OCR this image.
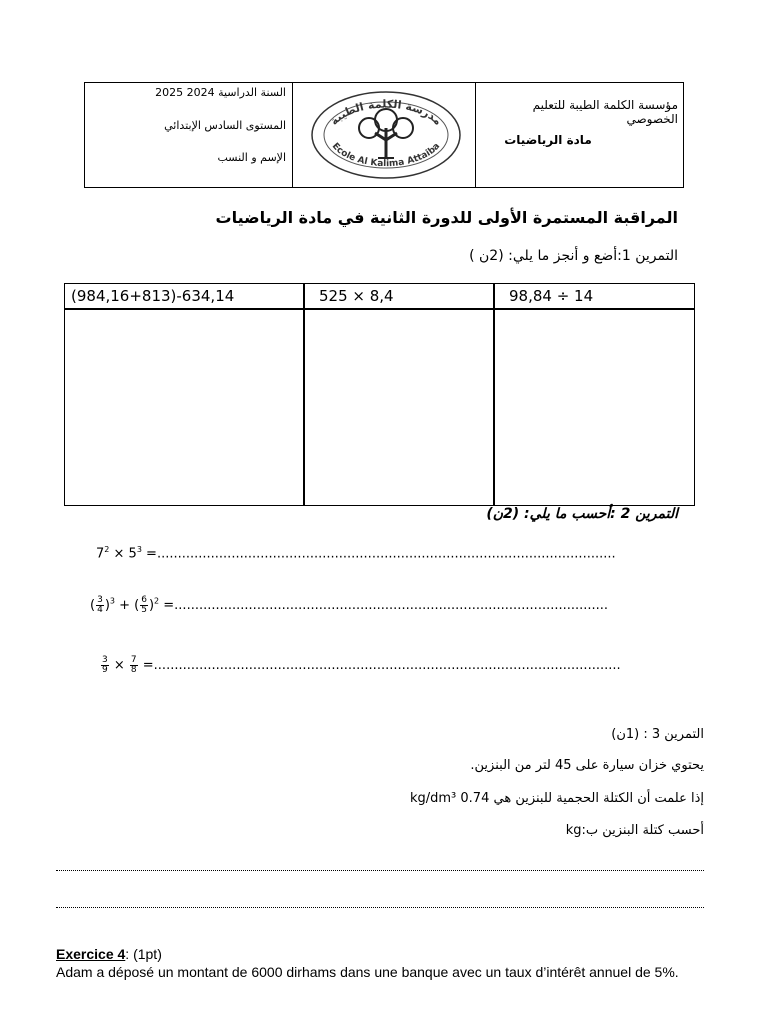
السنة الدراسية 2024 2025
المستوى السادس الإبتدائي
الإسم و النسب
مؤسسة الكلمة الطيبة للتعليم الخصوصي
مادة الرياضيات
مدرسة الكلمة الطيبة
Ecole Al Kalima Attaiba
المراقبة المستمرة الأولى للدورة الثانية في مادة الرياضيات
التمرين 1:أضع و أنجز ما يلي: (2ن )
(984,16+813)-634,14	525 × 8,4	98,84 ÷ 14
التمرين 2 :أحسب ما يلي: (2ن)
$7^2 \times 5^3$ =...............................................................................................................
( $\frac{3}{4} )^3$ + ( $\frac{6}{5} )^2$ =.........................................................................................................
$\frac{3}{9} \times \frac{7}{8}$ =.................................................................................................................
التمرين 3 : (1ن)
يحتوي خزان سيارة على 45 لتر من البنزين.
إذا علمت أن الكتلة الحجمية للبنزين هي 0.74 kg/dm³
أحسب كتلة البنزين ب:kg
Exercice 4: (1pt)
Adam a déposé un montant de 6000 dirhams dans une banque avec un taux d’intérêt annuel de 5%.
